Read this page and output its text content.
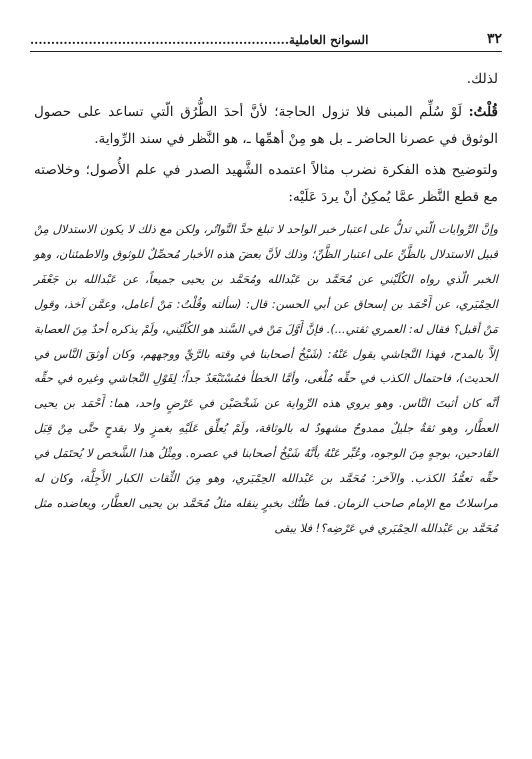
٣٢
السوانح العاملية..............................................................

لذلك.

قُلْتُ: لَوْ سُلِّم المبنى فلا تزول الحاجة؛ لأنَّ أحدَ الطُّرُق الّتي تساعد على حصول الوثوق في عصرنا الحاضر ـ بل هو مِنْ أهمِّها ـ، هو النَّظر في سند الرِّواية.

ولتوضيح هذه الفكرة نضرب مثالاً اعتمده الشَّهيد الصدر في علم الأُصول؛ وخلاصته مع قطع النَّظر عمَّا يُمكِنُ أنْ يردَ عَلَيْه:

وإنَّ الرِّوايات الّتي تدلُّ على اعتبار خبر الواحد لا تبلغ حدَّ التَّواتُر، ولكن مع ذلك لا يكون الاستدلال مِنْ قبيل الاستدلال بالظَّنِّ على اعتبار الظَّنِّ؛ وذلك لأنَّ بعضَ هذه الأخبار مُحصِّلٌ للوثوق والاطمئنان، وهو الخبر الّذي رواه الكُلَيْني عن مُحَمَّد بن عَبْدالله ومُحَمَّد بن يحيى جميعاً، عن عَبْدالله بن جَعْفَر الحِمْيَري، عن أَحْمَد بن إسحاق عن أبي الحسن: قال: (سألته وقُلْتُ: مَنْ أعامل، وعمَّن آخذ، وقول مَنْ أقبل؟ فقال له: العمري ثقتي...). فإنَّ أَوَّلَ مَنْ في السَّند هو الكُلَيْني، ولَمْ يذكره أحدٌ مِنَ العصابة إلاَّ بالمدح، فهذا النَّجاشي يقول عَنْهُ: (شَيْخُ أصحابنا في وقته بالرَّيِّ ووجههم، وكان أوثقَ النَّاس في الحديث)، فاحتمال الكذب في حقِّه مُلْغى، وأمَّا الخطأ فمُسْتَبْعَدٌ جداً؛ لِقَوْلِ النَّجاشي وغيره في حقِّه أنَّه كان أثبتَ النَّاس. وهو يروي هذه الرِّواية عن شَخْصَيْن في عَرْضٍ واحد، هما: أَحْمَد بن يحيى العطَّار، وهو ثقةٌ جليلٌ ممدوحٌ مشهودٌ له بالوثاقة، ولَمْ يُعلِّق عَلَيْهِ بغمزٍ ولا بقدحٍ حتَّى مِنْ قِبَل القادحين، بوجهٍ مِنَ الوجوه، وعُبِّر عَنْهُ بأنَّهُ شَيْخُ أصحابنا في عصره. ومِثْلُ هذا الشَّخص لا يُحتَمَل في حقِّه تعمُّدُ الكذب. والآخر: مُحَمَّد بن عَبْدالله الحِمْيَري، وهو مِنَ الثِّقات الكبار الأَجِلَّة، وكان له مراسلاتٌ مع الإمام صاحب الزمان. فما ظنُّك بخبرٍ ينقله مثلُ مُحَمَّد بن يحيى العطَّار، ويعاضده مثل مُحَمَّد بن عَبْدالله الحِمْيَري في عَرْضِه؟! فلا يبقى
